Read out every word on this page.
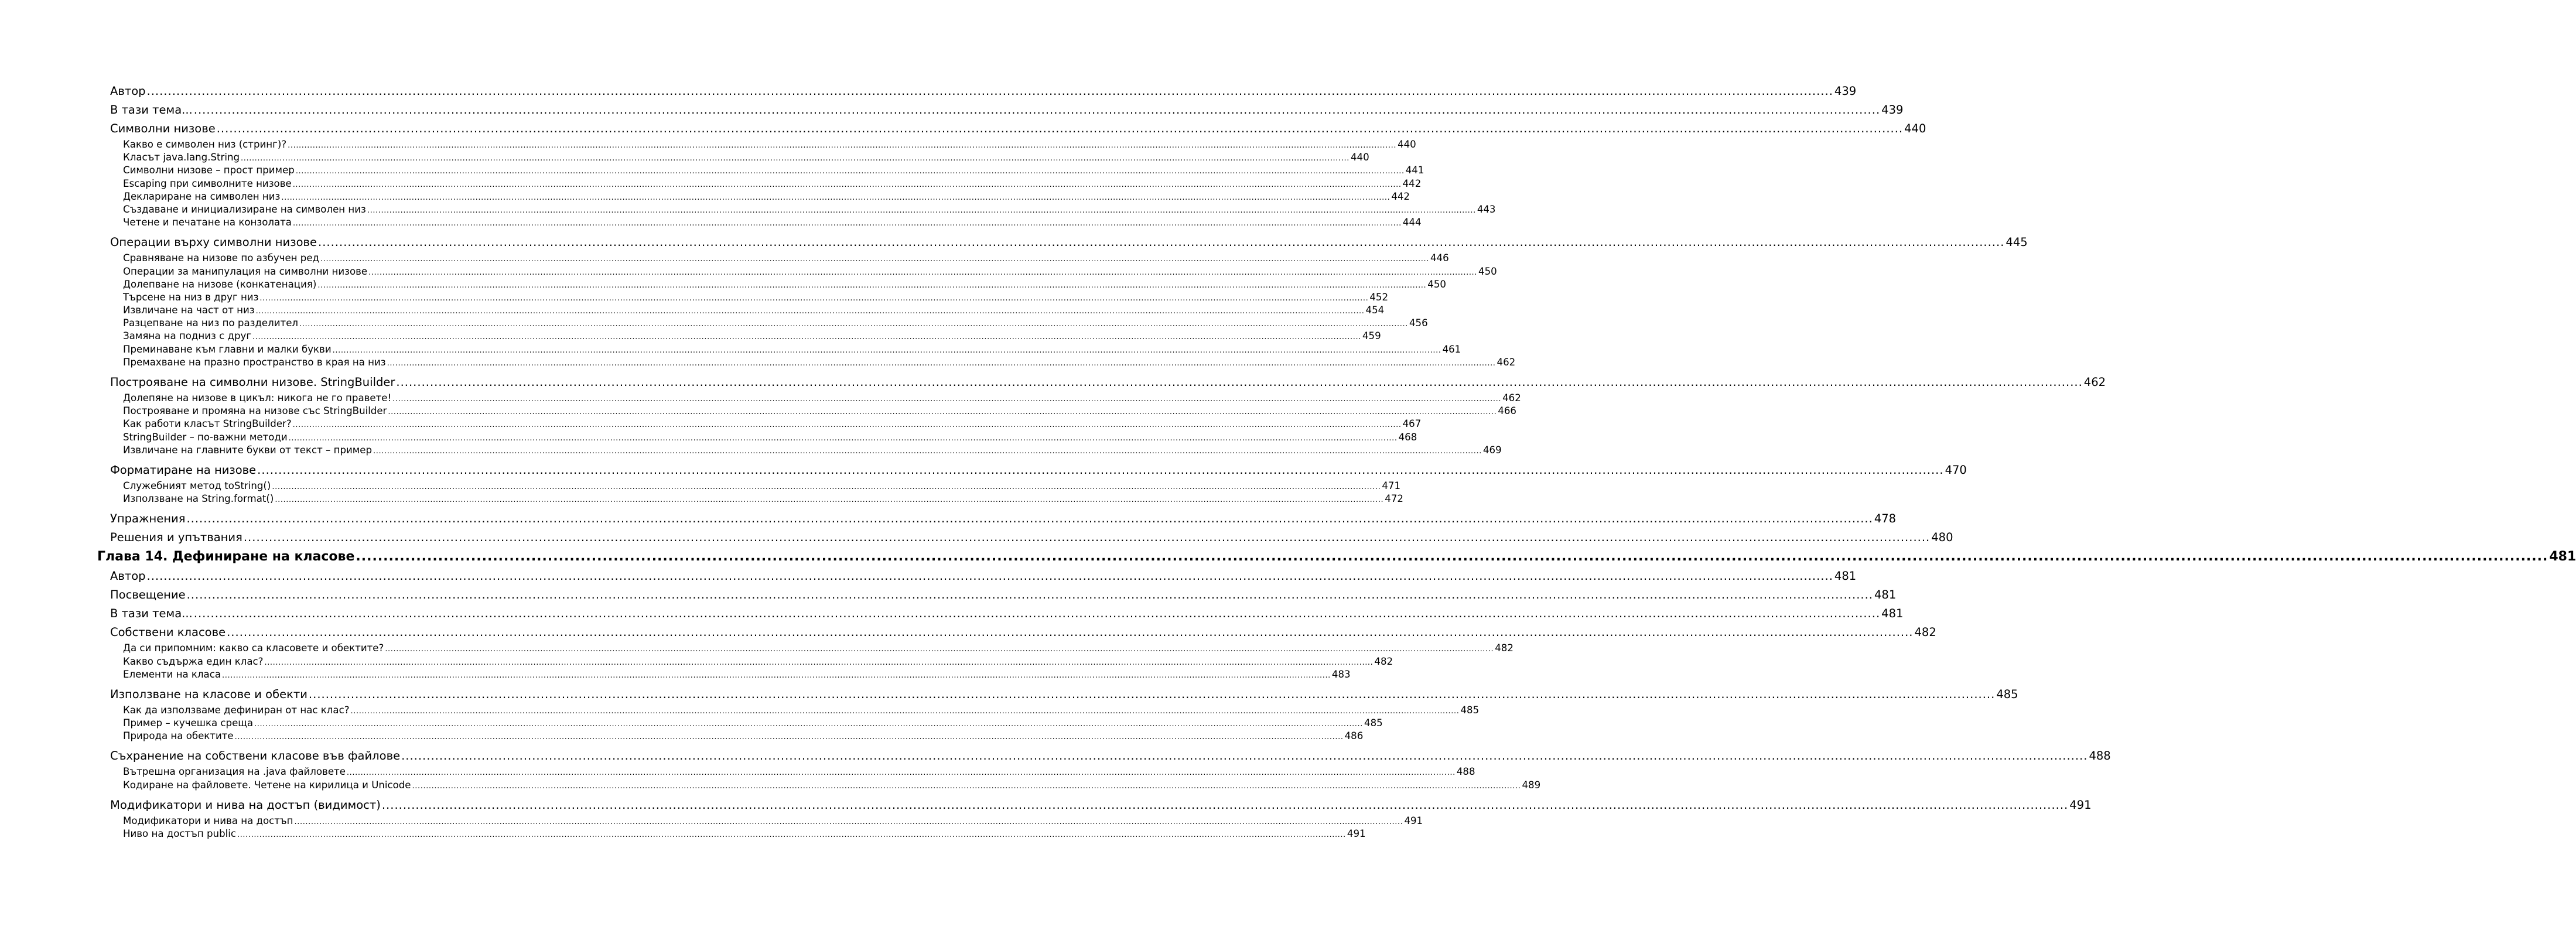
Автор ................................................................................................................................................................................................................................................................................................................................................................................................................ 439
В тази тема... ................................................................................................................................................................................................................................................................................................................................................................................................................ 439
Символни низове ................................................................................................................................................................................................................................................................................................................................................................................................................ 440
Какво е символен низ (стринг)? ................................................................................................................................................................................................................................................................................................................................................................................................................ 440
Класът java.lang.String ................................................................................................................................................................................................................................................................................................................................................................................................................ 440
Символни низове – прост пример ................................................................................................................................................................................................................................................................................................................................................................................................................ 441
Escaping при символните низове ................................................................................................................................................................................................................................................................................................................................................................................................................ 442
Деклариране на символен низ ................................................................................................................................................................................................................................................................................................................................................................................................................ 442
Създаване и инициализиране на символен низ ................................................................................................................................................................................................................................................................................................................................................................................................................ 443
Четене и печатане на конзолата ................................................................................................................................................................................................................................................................................................................................................................................................................ 444
Операции върху символни низове ................................................................................................................................................................................................................................................................................................................................................................................................................ 445
Сравняване на низове по азбучен ред ................................................................................................................................................................................................................................................................................................................................................................................................................ 446
Операции за манипулация на символни низове ................................................................................................................................................................................................................................................................................................................................................................................................................ 450
Долепване на низове (конкатенация) ................................................................................................................................................................................................................................................................................................................................................................................................................ 450
Търсене на низ в друг низ ................................................................................................................................................................................................................................................................................................................................................................................................................ 452
Извличане на част от низ ................................................................................................................................................................................................................................................................................................................................................................................................................ 454
Разцепване на низ по разделител ................................................................................................................................................................................................................................................................................................................................................................................................................ 456
Замяна на подниз с друг ................................................................................................................................................................................................................................................................................................................................................................................................................ 459
Преминаване към главни и малки букви ................................................................................................................................................................................................................................................................................................................................................................................................................ 461
Премахване на празно пространство в края на низ ................................................................................................................................................................................................................................................................................................................................................................................................................ 462
Построяване на символни низове. StringBuilder ................................................................................................................................................................................................................................................................................................................................................................................................................ 462
Долепяне на низове в цикъл: никога не го правете! ................................................................................................................................................................................................................................................................................................................................................................................................................ 462
Построяване и промяна на низове със StringBuilder ................................................................................................................................................................................................................................................................................................................................................................................................................ 466
Как работи класът StringBuilder? ................................................................................................................................................................................................................................................................................................................................................................................................................ 467
StringBuilder – по-важни методи ................................................................................................................................................................................................................................................................................................................................................................................................................ 468
Извличане на главните букви от текст – пример ................................................................................................................................................................................................................................................................................................................................................................................................................ 469
Форматиране на низове ................................................................................................................................................................................................................................................................................................................................................................................................................ 470
Служебният метод toString() ................................................................................................................................................................................................................................................................................................................................................................................................................ 471
Използване на String.format() ................................................................................................................................................................................................................................................................................................................................................................................................................ 472
Упражнения ................................................................................................................................................................................................................................................................................................................................................................................................................ 478
Решения и упътвания ................................................................................................................................................................................................................................................................................................................................................................................................................ 480
Глава 14. Дефиниране на класове ................................................................................................................................................................................................................................................................................................................................................................................................................ 481
Автор ................................................................................................................................................................................................................................................................................................................................................................................................................ 481
Посвещение ................................................................................................................................................................................................................................................................................................................................................................................................................ 481
В тази тема... ................................................................................................................................................................................................................................................................................................................................................................................................................ 481
Собствени класове ................................................................................................................................................................................................................................................................................................................................................................................................................ 482
Да си припомним: какво са класовете и обектите? ................................................................................................................................................................................................................................................................................................................................................................................................................ 482
Какво съдържа един клас? ................................................................................................................................................................................................................................................................................................................................................................................................................ 482
Елементи на класа ................................................................................................................................................................................................................................................................................................................................................................................................................ 483
Използване на класове и обекти ................................................................................................................................................................................................................................................................................................................................................................................................................ 485
Как да използваме дефиниран от нас клас? ................................................................................................................................................................................................................................................................................................................................................................................................................ 485
Пример – кучешка среща ................................................................................................................................................................................................................................................................................................................................................................................................................ 485
Природа на обектите ................................................................................................................................................................................................................................................................................................................................................................................................................ 486
Съхранение на собствени класове във файлове ................................................................................................................................................................................................................................................................................................................................................................................................................ 488
Вътрешна организация на .java файловете ................................................................................................................................................................................................................................................................................................................................................................................................................ 488
Кодиране на файловете. Четене на кирилица и Unicode ................................................................................................................................................................................................................................................................................................................................................................................................................ 489
Модификатори и нива на достъп (видимост) ................................................................................................................................................................................................................................................................................................................................................................................................................ 491
Модификатори и нива на достъп ................................................................................................................................................................................................................................................................................................................................................................................................................ 491
Ниво на достъп public ................................................................................................................................................................................................................................................................................................................................................................................................................ 491
